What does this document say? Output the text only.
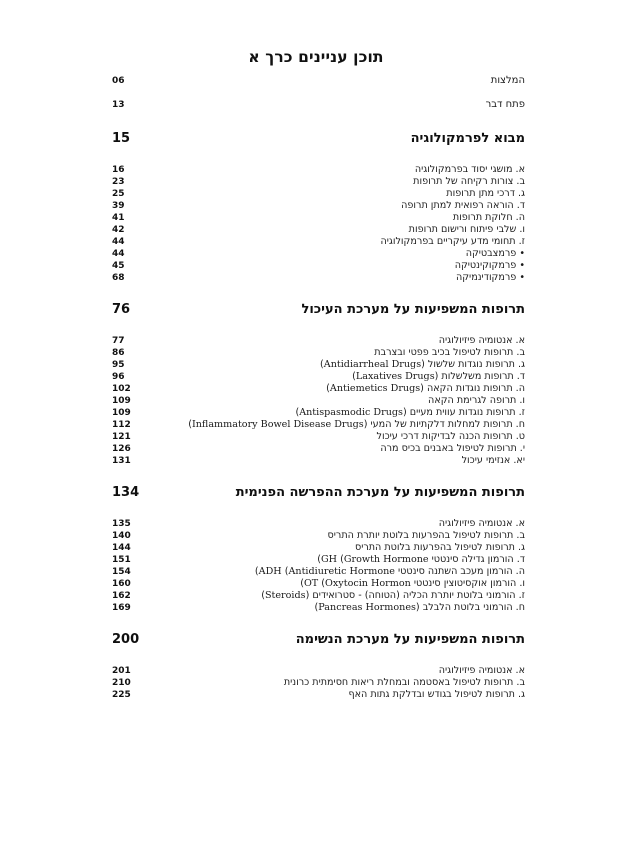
תוכן עניינים כרך א
06	המלצות
13	פתח דבר
15	מבוא לפרמקולוגיה
16	א. מושגי יסוד בפרמקולוגיה
23	ב. צורות רקיחה של תרופות
25	ג. דרכי מתן תרופות
39	ד. הוראה רפואית למתן תרופה
41	ה. חלוקת תרופות
42	ו. שלבי פיתוח ורישום תרופות
44	ז. תחומי מדע עיקריים בפרמקולוגיה
44	• פרמצבטיקה
45	• פרמקוקינטיקה
68	• פרמקודינמיקה
76	תרופות המשפיעות על מערכת העיכול
77	א. אנטומיה פיזיולוגיה
86	ב. תרופות לטיפול בכיב פפטי ובצרבת
95	ג. תרופות נוגדות שלשול (Antidiarrheal Drugs)
96	ד. תרופות משלשלות (Laxatives Drugs)
102	ה. תרופות נוגדות הקאה (Antiemetics Drugs)
109	ו. תרופה לגרימת הקאה
109	ז. תרופות נוגדות עווית מעיים (Antispasmodic Drugs)
112	ח. תרופות למחלות דלקתיות של המעי (Inflammatory Bowel Disease Drugs)
121	ט. תרופות הכנה לבדיקות דרכי עיכול
126	י. תרופות לטיפול באבנים בכיס מרה
131	יא. אנזימי עיכול
134	תרופות המשפיעות על מערכת ההפרשה הפנימית
135	א. אנטומיה פיזיולוגיה
140	ב. תרופות לטיפול בהפרעות בלוטת יותרת התריס
144	ג. תרופות לטיפול בהפרעות בלוטת התריס
151	ד. הורמון גדילה סינטטי GH (Growth Hormone)
154	ה. הורמון מעכב השתנה סינטטי ADH (Antidiuretic Hormone)
160	ו. הורמון אוקסיטוצין סינטטי OT (Oxytocin Hormon)
162	ז. הורמוני בלוטת יותרת הכליה (הטוחה) - סטרואידים (Steroids)
169	ח. הורמוני בלוטת הלבלב (Pancreas Hormones)
200	תרופות המשפיעות על מערכת הנשימה
201	א. אנטומיה פיזיולוגיה
210	ב. תרופות לטיפול באסטמה ובמחלת ריאות חסימתית כרונית
225	ג. תרופות לטיפול בגודש ובדלקת גתות האף
